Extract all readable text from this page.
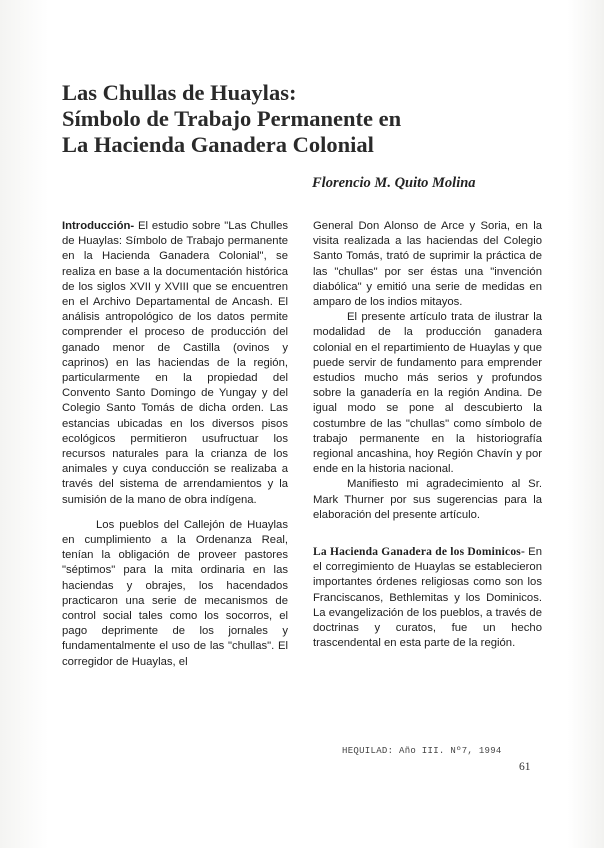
Las Chullas de Huaylas:
Símbolo de Trabajo Permanente en
La Hacienda Ganadera Colonial
Florencio M. Quito Molina

Introducción- El estudio sobre "Las Chulles de Huaylas: Símbolo de Trabajo permanente en la Hacienda Ganadera Colonial", se realiza en base a la documentación histórica de los siglos XVII y XVIII que se encuentren en el Archivo Departamental de Ancash. El análisis antropológico de los datos permite comprender el proceso de producción del ganado menor de Castilla (ovinos y caprinos) en las haciendas de la región, particularmente en la propiedad del Convento Santo Domingo de Yungay y del Colegio Santo Tomás de dicha orden. Las estancias ubicadas en los diversos pisos ecológicos permitieron usufructuar los recursos naturales para la crianza de los animales y cuya conducción se realizaba a través del sistema de arrendamientos y la sumisión de la mano de obra indígena.

Los pueblos del Callejón de Huaylas en cumplimiento a la Ordenanza Real, tenían la obligación de proveer pastores "séptimos" para la mita ordinaria en las haciendas y obrajes, los hacendados practicaron una serie de mecanismos de control social tales como los socorros, el pago deprimente de los jornales y fundamentalmente el uso de las "chullas". El corregidor de Huaylas, el

General Don Alonso de Arce y Soria, en la visita realizada a las haciendas del Colegio Santo Tomás, trató de suprimir la práctica de las "chullas" por ser éstas una "invención diabólica" y emitió una serie de medidas en amparo de los indios mitayos.

El presente artículo trata de ilustrar la modalidad de la producción ganadera colonial en el repartimiento de Huaylas y que puede servir de fundamento para emprender estudios mucho más serios y profundos sobre la ganadería en la región Andina. De igual modo se pone al descubierto la costumbre de las "chullas" como símbolo de trabajo permanente en la historiografía regional ancashina, hoy Región Chavín y por ende en la historia nacional.

Manifiesto mi agradecimiento al Sr. Mark Thurner por sus sugerencias para la elaboración del presente artículo.

La Hacienda Ganadera de los Dominicos- En el corregimiento de Huaylas se establecieron importantes órdenes religiosas como son los Franciscanos, Bethlemitas y los Dominicos. La evangelización de los pueblos, a través de doctrinas y curatos, fue un hecho trascendental en esta parte de la región.

HEQUILAD: Año III. Nº7, 1994
61
